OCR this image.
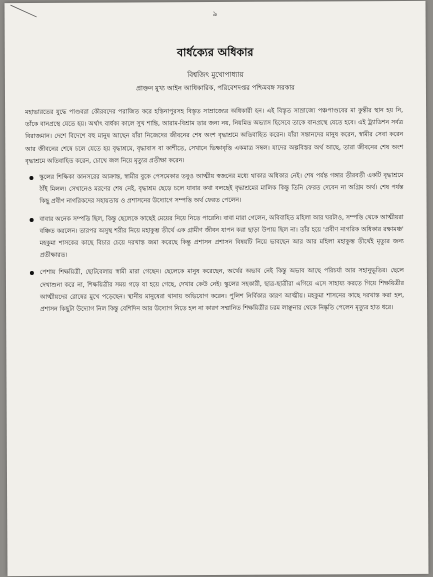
৯
বার্ধক্যের অধিকার
বিশ্বজিৎ মুখোপাধ্যায়
প্রাক্তন মুখ্য আইন আধিকারিক, পরিবেশদপ্তর পশ্চিমবঙ্গ সরকার

মহাভারতের যুদ্ধে পাণ্ডবরা কৌরবদের পরাজিত করে হস্তিনাপুরসহ বিস্তৃত সাম্রাজ্যের অধিকারী হন। এই বিস্তৃত সাম্রাজ্যে পঞ্চপাণ্ডবের মা কুন্তীর স্থান হয় নি, তাঁকে বানপ্রস্থে যেতে হয়। অর্থাৎ বার্ধক্য কালে সুখ শান্তি, আরাম-বিশ্রাম তার জন্য নয়, নিয়মিত অভ্যাস হিসেবে তাকে বানপ্রস্থে যেতে হবে। এই ট্র্যাডিশন সর্বত্র বিরাজমান। দেশে বিদেশে বহু মানুষ আছেন যাঁরা নিজেদের জীবনের শেষ অংশ বৃদ্ধাশ্রমে অতিবাহিত করেন। যাঁরা সন্তানদের মানুষ করেন, স্বামীর সেবা করেন আর জীবনের শেষে চলে যেতে হয় বৃদ্ধাশ্রমে, বৃদ্ধাবাস বা কাশীতে, সেখানে ভিক্ষাবৃত্তি একমাত্র সম্বল। যাদের অল্পবিস্তর অর্থ আছে, তারা জীবনের শেষ অংশ বৃদ্ধাশ্রমে অতিবাহিত করেন, চোখে জল নিয়ে মৃত্যুর প্রতীক্ষা করেন।

স্কুলের শিক্ষিকা কানসরের আক্রান্ত, স্বামীর বুকে পেসমেকার তবুও আত্মীয় স্বজনের মধ্যে থাকার অধিকার নেই। শেষ পর্যন্ত গঙ্গার তীরবর্তী একটি বৃদ্ধাশ্রমে ঠাঁই মিলল। সেখানেও মরণের শেষ নেই, বৃদ্ধাশ্রম ছেড়ে চলে যাবার কথা বলছেই বৃদ্ধাশ্রমের মালিক কিন্তু তিনি ফেরত দেবেন না অগ্রিম অর্থ। শেষ পর্যন্ত কিছু প্রবীণ নাগরিকদের সহায়তায় ও প্রশাসনের উদ্যোগে সম্পত্তি অর্থ ফেরত পেলেন।
বাবার অনেক সম্পত্তি ছিল, কিন্তু ছেলেকে কাছেই মেয়ের নিয়ে নিতে পারেনি। বাবা মারা গেলেন, অবিবাহিত মহিলা আর ঘরটাও, সম্পত্তি থেকে আত্মীয়রা বঞ্চিত করলেন। তারপর অসুস্থ শরীর নিয়ে মহাকুম্ভ তীর্থে এক গ্রামীণ জীবন যাপন করা ছাড়া উপায় ছিল না। তাঁর হয়ে 'প্রবীণ নাগরিক অধিকার রক্ষামঞ্চ' মহকুমা শাসকের কাছে বিচার চেয়ে দরখাস্ত জমা করেছে কিন্তু প্রশাসন প্রশাসন বিষয়টি নিয়ে ভাবছেন আর আর মহিলা মহাকুম্ভ তীর্থেই মৃত্যুর জন্য প্রতীক্ষারত।
পেশায় শিক্ষয়িত্রী, ছোটবেলায় স্বামী মারা গেছেন। ছেলেকে মানুষ করেছেন, অর্থের অভাব নেই কিন্তু অভাব আছে পরিচর্যা আর সহানুভূতির। ছেলে দেখাশুনা করে না, শিক্ষয়িত্রীর সময় গড়ে যা হয়ে গেছে, দেখার কেউ নেই। স্কুলের সহকারী, ছাত্র-ছাত্রীরা এগিয়ে এসে সাহায্য করতে গিয়ে শিক্ষয়িত্রীর আত্মীয়দের রোষের মুখে পড়েছেন। স্থানীয় মানুষেরা থানায় অভিযোগ করেন। পুলিশ নির্বিকার কারণ আত্মীয়। মহকুমা শাসনের কাছে দরখাস্ত করা হল, প্রশাসন কিছুটা উদ্যোগ নিল কিন্তু বেশিদিন আর উদ্যোগ নিতে হল না কারণ সম্মানিত শিক্ষয়িত্রীর চরম লাঞ্ছনার থেকে নিষ্কৃতি পেলেন মৃত্যুর হাত ধরে।
